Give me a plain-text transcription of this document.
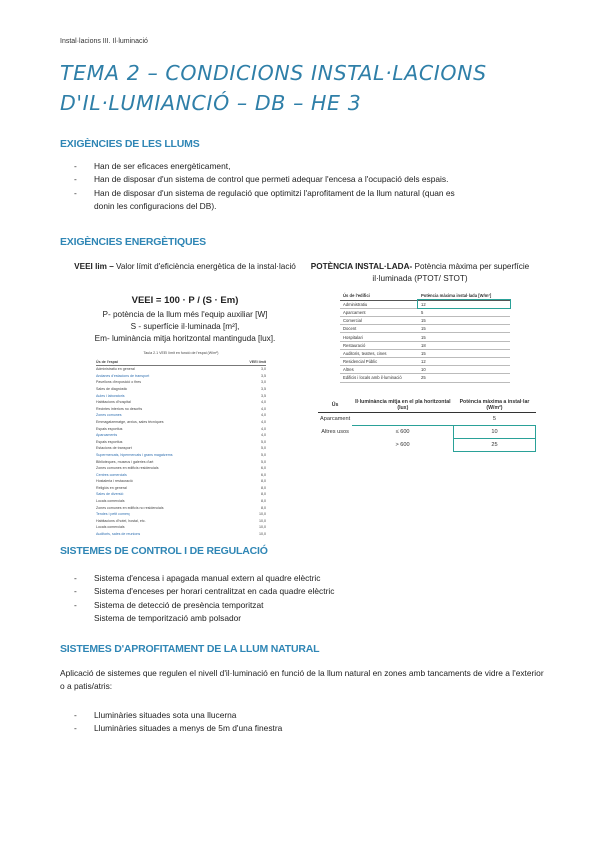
Instal·lacions III. Il·luminació
TEMA 2 – CONDICIONS INSTAL·LACIONS
D'IL·LUMIANCIÓ – DB – HE 3
EXIGÈNCIES DE LES LLUMS
- Han de ser eficaces energèticament,
- Han de disposar d'un sistema de control que permeti adequar l'encesa a l'ocupació dels espais.
- Han de disposar d'un sistema de regulació que optimitzi l'aprofitament de la llum natural (quan es
donin les configuracions del DB).
EXIGÈNCIES ENERGÈTIQUES
VEEI lim – Valor límit d'eficiència energètica de la instal·lació
VEEI = 100 · P / (S · Em)
P- potència de la llum més l'equip auxiliar [W]
S - superfície il·luminada [m²],
Em- luminància mitja horitzontal mantinguda [lux].
Taula 2.1 VEEI límit en funció de l'espai (W/m²)
Ús de l'espai	VEEI límit
Administratiu en general	3,0
Andanes d'estacions de transport	3,5
Pavellons d'exposició o fires	3,0
Sales de diagnòstic	3,5
Aules i laboratoris	3,5
Habitacions d'hospital	4,0
Recintes interiors no descrits	4,0
Zones comunes	4,0
Emmagatzematge, arxius, sales tècniques	4,0
Espais esportius	4,0
Aparcaments	4,0
Espais esportius	5,0
Estacions de transport	5,0
Supermercats, hipermercats i grans magatzems	5,0
Biblioteques, museus i galeries d'art	5,0
Zones comunes en edificis residencials	6,0
Centres comercials	6,0
Hostaleria i restauració	8,0
Religiós en general	8,0
Sales de diversió	8,0
Locals comercials	8,0
Zones comunes en edificis no residencials	8,0
Tendes i petit comerç	10,0
Habitacions d'hotel, hostal, etc.	10,0
Locals comercials	10,0
Auditoris, sales de reunions	10,0
POTÈNCIA INSTAL·LADA- Potència màxima per superfície il·luminada (PTOT/ STOT)
Ús de l'edifici	Potència màxima instal·lada [W/m²]
Administratiu	12
Aparcament	5
Comercial	15
Docent	15
Hospitalari	15
Restauració	18
Auditoris, teatres, cines	15
Residencial Públic	12
Altres	10
Edificis i locals amb il·luminació	25
Ús	Il·luminància mitja en el pla horitzontal (lux)	Potència màxima a instal·lar (W/m²)
Aparcament		5
Altres usos	≤ 600	10
	> 600	25
SISTEMES DE CONTROL I DE REGULACIÓ
- Sistema d'encesa i apagada manual extern al quadre elèctric
- Sistema d'enceses per horari centralitzat en cada quadre elèctric
- Sistema de detecció de presència temporitzat
Sistema de temporització amb polsador
SISTEMES D'APROFITAMENT DE LA LLUM NATURAL
Aplicació de sistemes que regulen el nivell d'il·luminació en funció de la llum natural en zones amb tancaments de vidre a l'exterior o a patis/atris:
- Lluminàries situades sota una llucerna
- Lluminàries situades a menys de 5m d'una finestra
